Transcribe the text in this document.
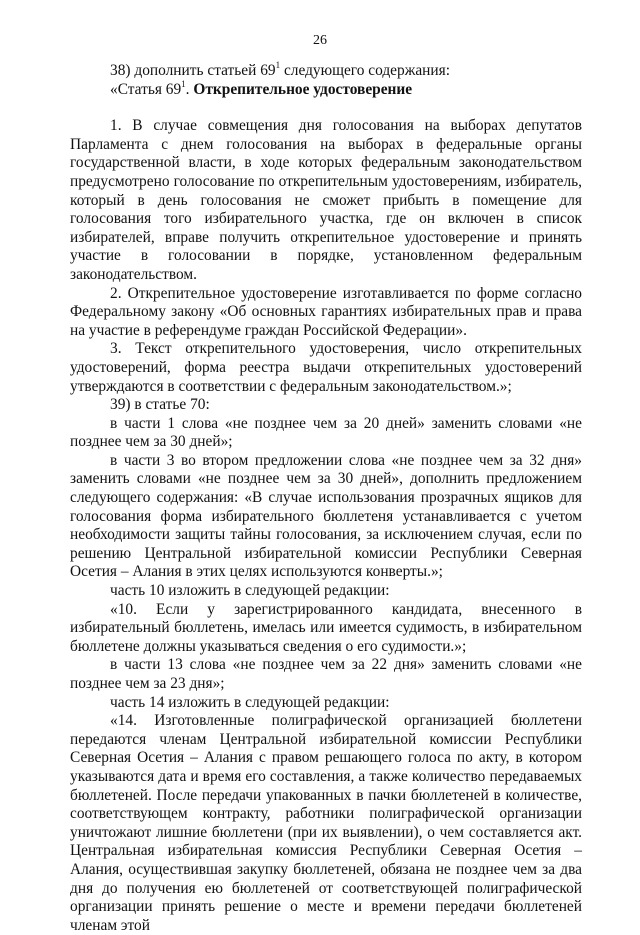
26

38) дополнить статьей $69^1$ следующего содержания:

«Статья $69^1$. Открепительное удостоверение

1. В случае совмещения дня голосования на выборах депутатов Парламента с днем голосования на выборах в федеральные органы государственной власти, в ходе которых федеральным законодательством предусмотрено голосование по открепительным удостоверениям, избиратель, который в день голосования не сможет прибыть в помещение для голосования того избирательного участка, где он включен в список избирателей, вправе получить открепительное удостоверение и принять участие в голосовании в порядке, установленном федеральным законодательством.

2. Открепительное удостоверение изготавливается по форме согласно Федеральному закону «Об основных гарантиях избирательных прав и права на участие в референдуме граждан Российской Федерации».

3. Текст открепительного удостоверения, число открепительных удостоверений, форма реестра выдачи открепительных удостоверений утверждаются в соответствии с федеральным законодательством.»;

39) в статье 70:

в части 1 слова «не позднее чем за 20 дней» заменить словами «не позднее чем за 30 дней»;

в части 3 во втором предложении слова «не позднее чем за 32 дня» заменить словами «не позднее чем за 30 дней», дополнить предложением следующего содержания: «В случае использования прозрачных ящиков для голосования форма избирательного бюллетеня устанавливается с учетом необходимости защиты тайны голосования, за исключением случая, если по решению Центральной избирательной комиссии Республики Северная Осетия – Алания в этих целях используются конверты.»;

часть 10 изложить в следующей редакции:

«10. Если у зарегистрированного кандидата, внесенного в избирательный бюллетень, имелась или имеется судимость, в избирательном бюллетене должны указываться сведения о его судимости.»;

в части 13 слова «не позднее чем за 22 дня» заменить словами «не позднее чем за 23 дня»;

часть 14 изложить в следующей редакции:

«14. Изготовленные полиграфической организацией бюллетени передаются членам Центральной избирательной комиссии Республики Северная Осетия – Алания с правом решающего голоса по акту, в котором указываются дата и время его составления, а также количество передаваемых бюллетеней. После передачи упакованных в пачки бюллетеней в количестве, соответствующем контракту, работники полиграфической организации уничтожают лишние бюллетени (при их выявлении), о чем составляется акт. Центральная избирательная комиссия Республики Северная Осетия – Алания, осуществившая закупку бюллетеней, обязана не позднее чем за два дня до получения ею бюллетеней от соответствующей полиграфической организации принять решение о месте и времени передачи бюллетеней членам этой
